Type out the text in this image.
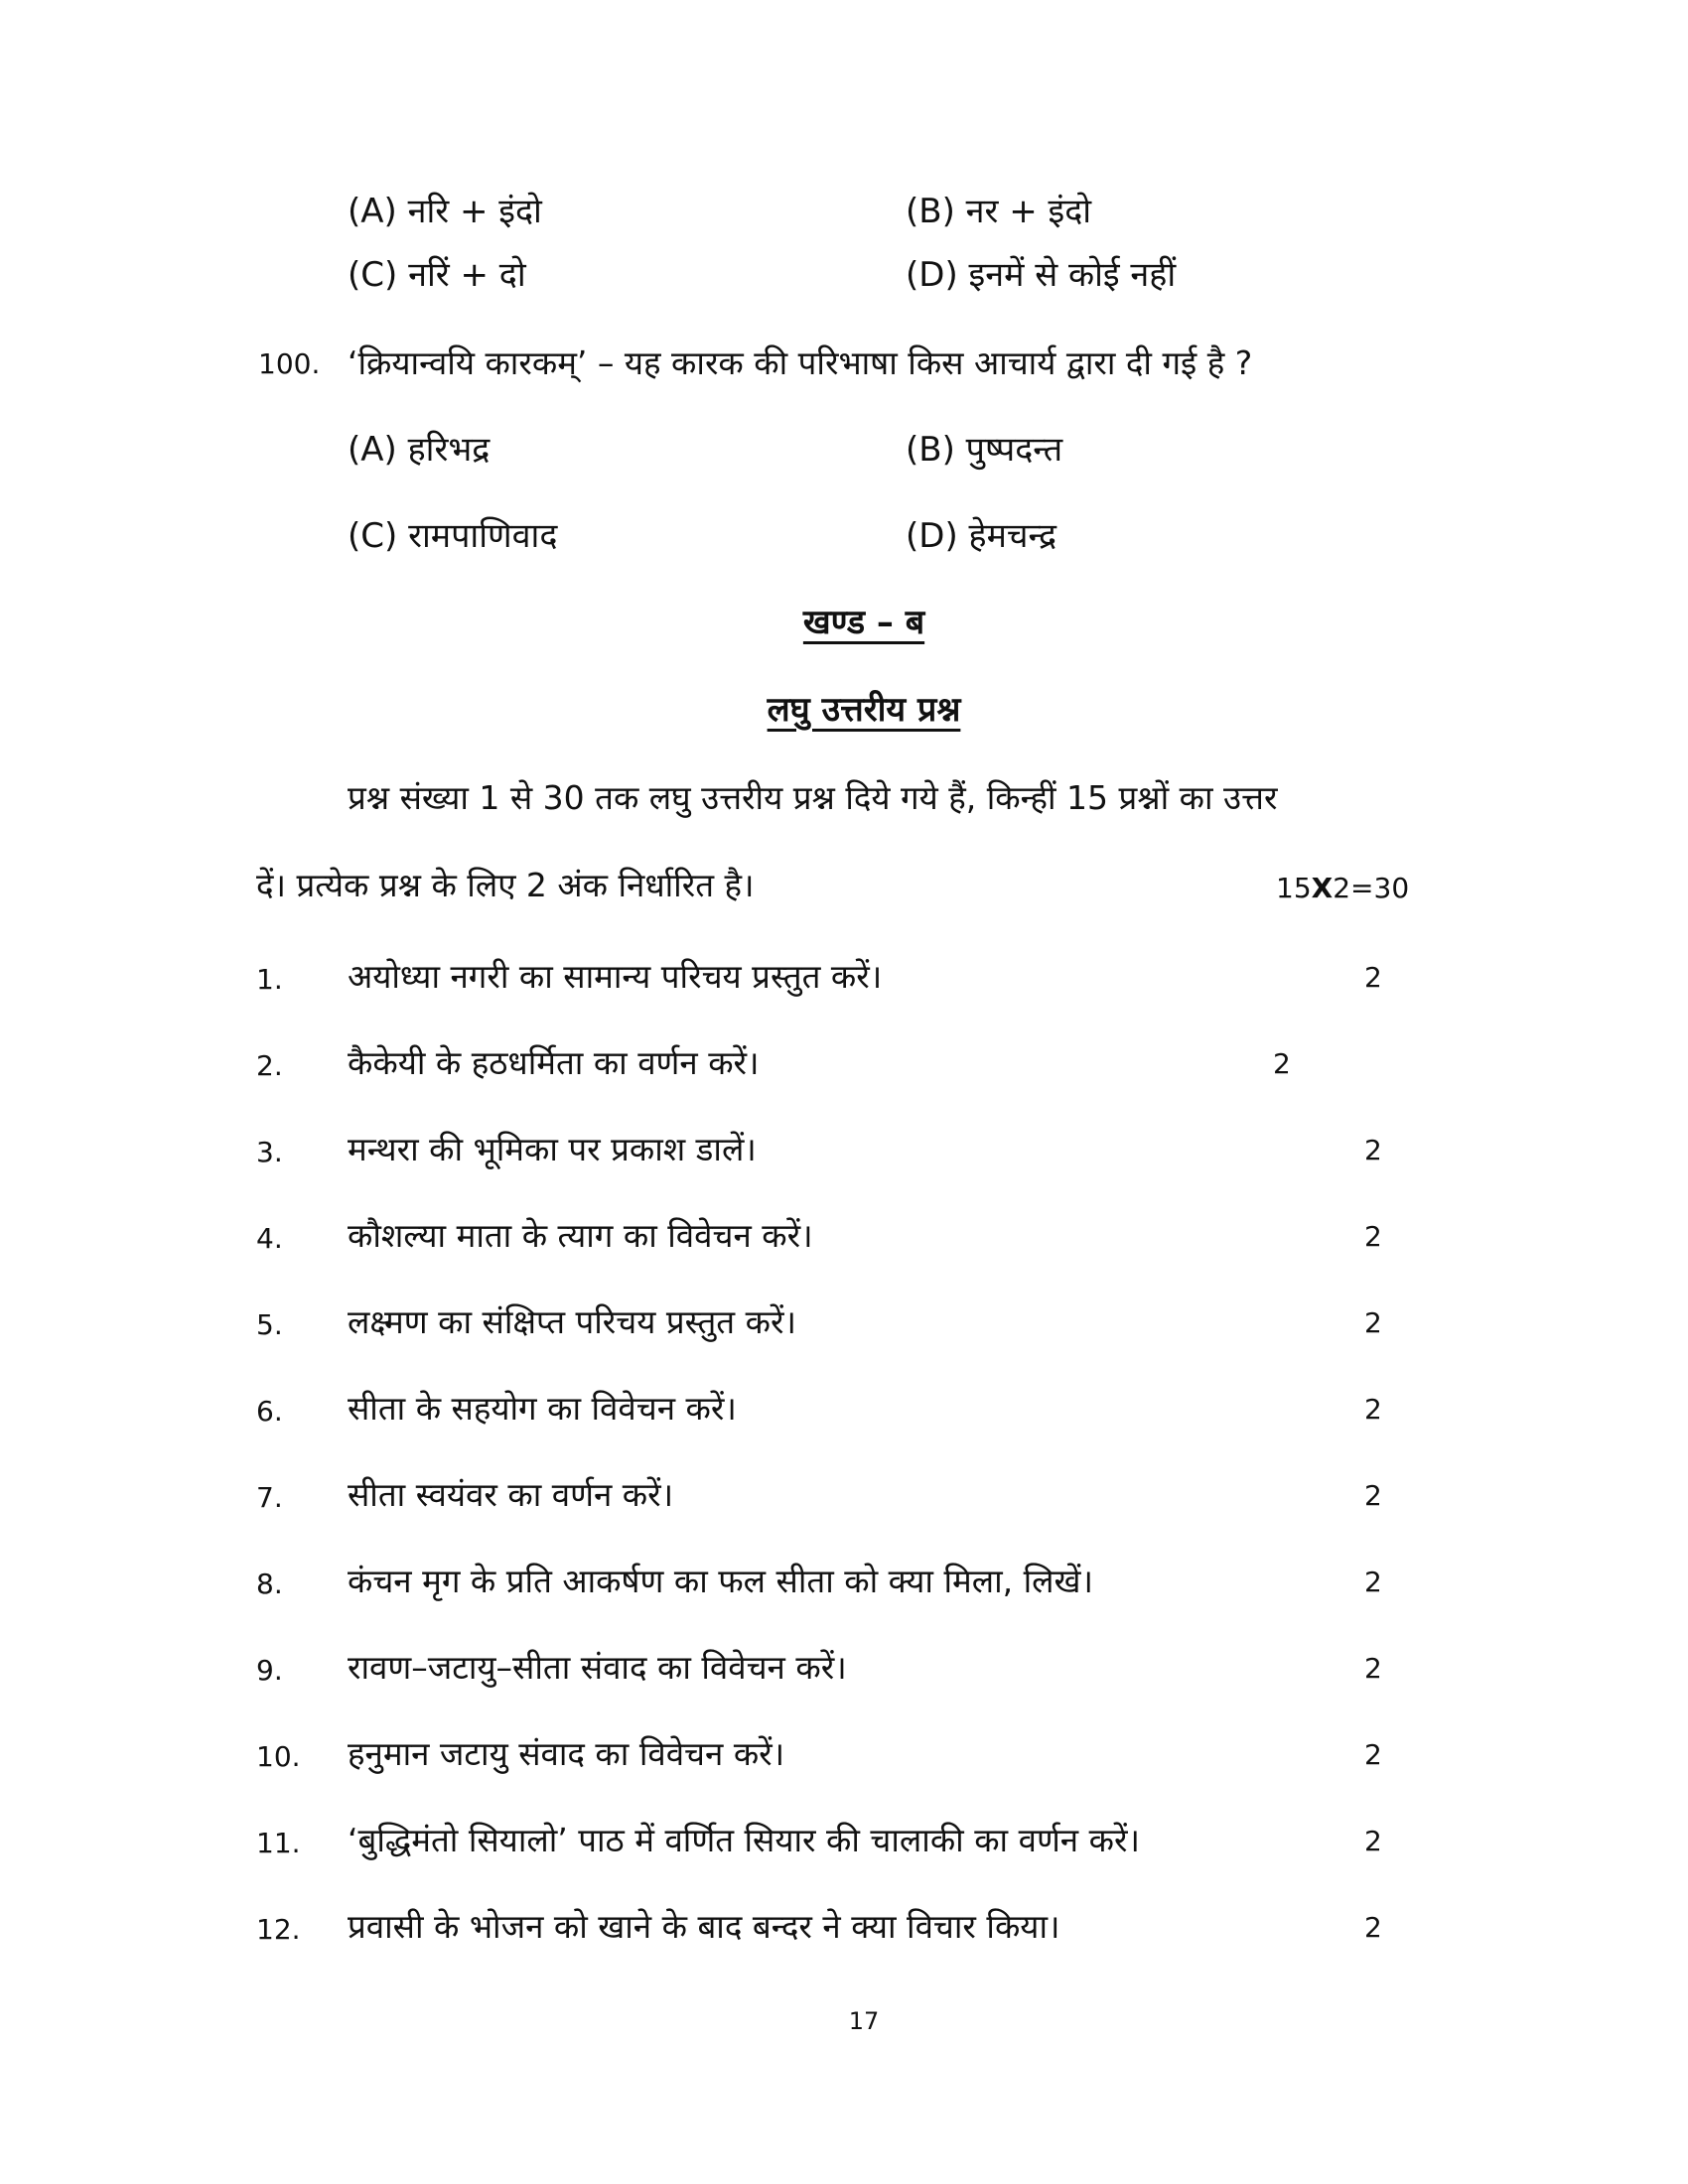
(A) नरि + इंदो	(B) नर + इंदो
(C) नरिं + दो	(D) इनमें से कोई नहीं
100. ‘क्रियान्वयि कारकम्’ – यह कारक की परिभाषा किस आचार्य द्वारा दी गई है ?
(A) हरिभद्र	(B) पुष्पदन्त
(C) रामपाणिवाद	(D) हेमचन्द्र
खण्ड – ब
लघु उत्तरीय प्रश्न
प्रश्न संख्या 1 से 30 तक लघु उत्तरीय प्रश्न दिये गये हैं, किन्हीं 15 प्रश्नों का उत्तर
दें। प्रत्येक प्रश्न के लिए 2 अंक निर्धारित है।	15X2=30
1. अयोध्या नगरी का सामान्य परिचय प्रस्तुत करें।	2
2. कैकेयी के हठधर्मिता का वर्णन करें।	2
3. मन्थरा की भूमिका पर प्रकाश डालें।	2
4. कौशल्या माता के त्याग का विवेचन करें।	2
5. लक्ष्मण का संक्षिप्त परिचय प्रस्तुत करें।	2
6. सीता के सहयोग का विवेचन करें।	2
7. सीता स्वयंवर का वर्णन करें।	2
8. कंचन मृग के प्रति आकर्षण का फल सीता को क्या मिला, लिखें।	2
9. रावण–जटायु–सीता संवाद का विवेचन करें।	2
10. हनुमान जटायु संवाद का विवेचन करें।	2
11. ‘बुद्धिमंतो सियालो’ पाठ में वर्णित सियार की चालाकी का वर्णन करें।	2
12. प्रवासी के भोजन को खाने के बाद बन्दर ने क्या विचार किया।	2
17
